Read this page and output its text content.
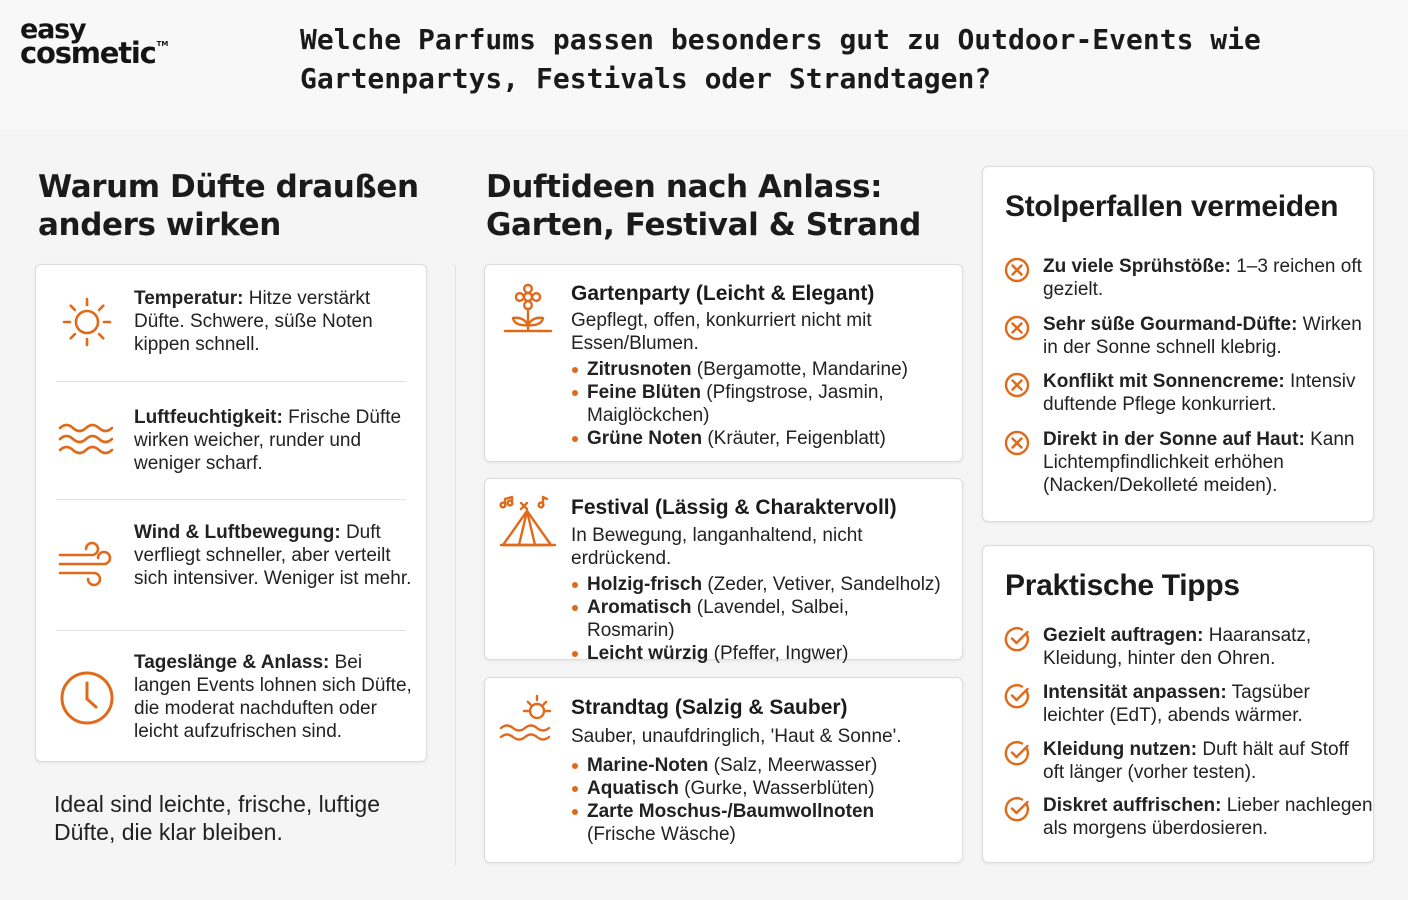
easy
cosmetic™	Welche Parfums passen besonders gut zu Outdoor-Events wie Gartenpartys, Festivals oder Strandtagen?
Warum Düfte draußen anders wirken
Temperatur: Hitze verstärkt Düfte. Schwere, süße Noten kippen schnell.
Luftfeuchtigkeit: Frische Düfte wirken weicher, runder und weniger scharf.
Wind & Luftbewegung: Duft verfliegt schneller, aber verteilt sich intensiver. Weniger ist mehr.
Tageslänge & Anlass: Bei langen Events lohnen sich Düfte, die moderat nachduften oder leicht aufzufrischen sind.
Ideal sind leichte, frische, luftige Düfte, die klar bleiben.
Duftideen nach Anlass: Garten, Festival & Strand
Gartenparty (Leicht & Elegant)
Gepflegt, offen, konkurriert nicht mit Essen/Blumen.
Zitrusnoten (Bergamotte, Mandarine)
Feine Blüten (Pfingstrose, Jasmin, Maiglöckchen)
Grüne Noten (Kräuter, Feigenblatt)
Festival (Lässig & Charaktervoll)
In Bewegung, langanhaltend, nicht erdrückend.
Holzig-frisch (Zeder, Vetiver, Sandelholz)
Aromatisch (Lavendel, Salbei, Rosmarin)
Leicht würzig (Pfeffer, Ingwer)
Strandtag (Salzig & Sauber)
Sauber, unaufdringlich, 'Haut & Sonne'.
Marine-Noten (Salz, Meerwasser)
Aquatisch (Gurke, Wasserblüten)
Zarte Moschus-/Baumwollnoten (Frische Wäsche)
Stolperfallen vermeiden
Zu viele Sprühstöße: 1–3 reichen oft gezielt.
Sehr süße Gourmand-Düfte: Wirken in der Sonne schnell klebrig.
Konflikt mit Sonnencreme: Intensiv duftende Pflege konkurriert.
Direkt in der Sonne auf Haut: Kann Lichtempfindlichkeit erhöhen (Nacken/Dekolleté meiden).
Praktische Tipps
Gezielt auftragen: Haaransatz, Kleidung, hinter den Ohren.
Intensität anpassen: Tagsüber leichter (EdT), abends wärmer.
Kleidung nutzen: Duft hält auf Stoff oft länger (vorher testen).
Diskret auffrischen: Lieber nachlegen als morgens überdosieren.
